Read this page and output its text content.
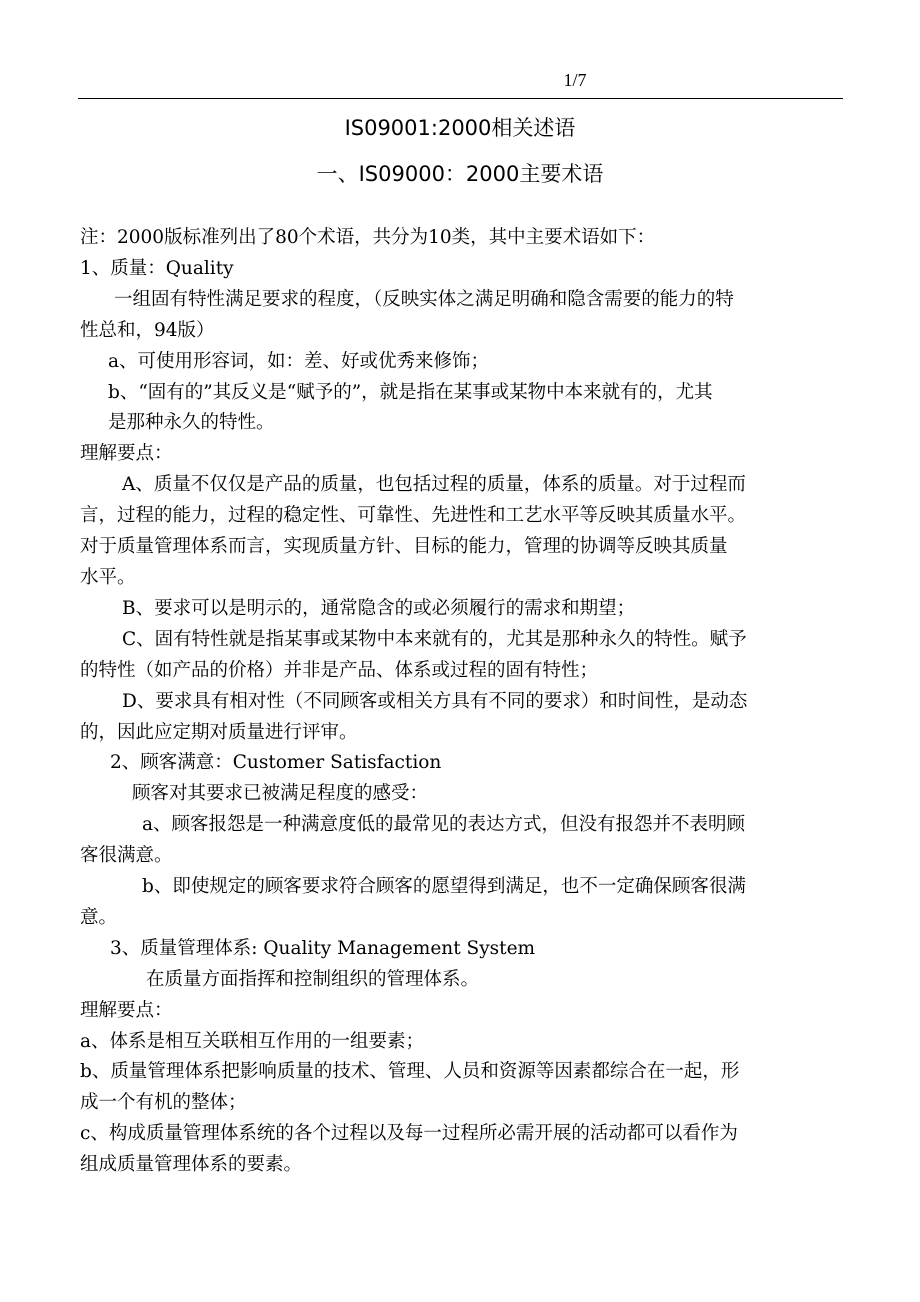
1/7
IS09001:2000相关述语
一、IS09000：2000主要术语

注：2000版标准列出了80个术语，共分为10类，其中主要术语如下：

1、质量：Quality

一组固有特性满足要求的程度，（反映实体之满足明确和隐含需要的能力的特

性总和，94版）

a、可使用形容词，如：差、好或优秀来修饰；

b、“固有的”其反义是“赋予的”，就是指在某事或某物中本来就有的，尤其

是那种永久的特性。

理解要点：

A、质量不仅仅是产品的质量，也包括过程的质量，体系的质量。对于过程而

言，过程的能力，过程的稳定性、可靠性、先进性和工艺水平等反映其质量水平。

对于质量管理体系而言，实现质量方针、目标的能力，管理的协调等反映其质量

水平。

B、要求可以是明示的，通常隐含的或必须履行的需求和期望；

C、固有特性就是指某事或某物中本来就有的，尤其是那种永久的特性。赋予

的特性（如产品的价格）并非是产品、体系或过程的固有特性；

D、要求具有相对性（不同顾客或相关方具有不同的要求）和时间性，是动态

的，因此应定期对质量进行评审。

2、顾客满意：Customer Satisfaction

顾客对其要求已被满足程度的感受：

a、顾客报怨是一种满意度低的最常见的表达方式，但没有报怨并不表明顾

客很满意。

b、即使规定的顾客要求符合顾客的愿望得到满足，也不一定确保顾客很满

意。

3、质量管理体系: Quality Management System

在质量方面指挥和控制组织的管理体系。

理解要点：

a、体系是相互关联相互作用的一组要素；

b、质量管理体系把影响质量的技术、管理、人员和资源等因素都综合在一起，形

成一个有机的整体；

c、构成质量管理体系统的各个过程以及每一过程所必需开展的活动都可以看作为

组成质量管理体系的要素。
